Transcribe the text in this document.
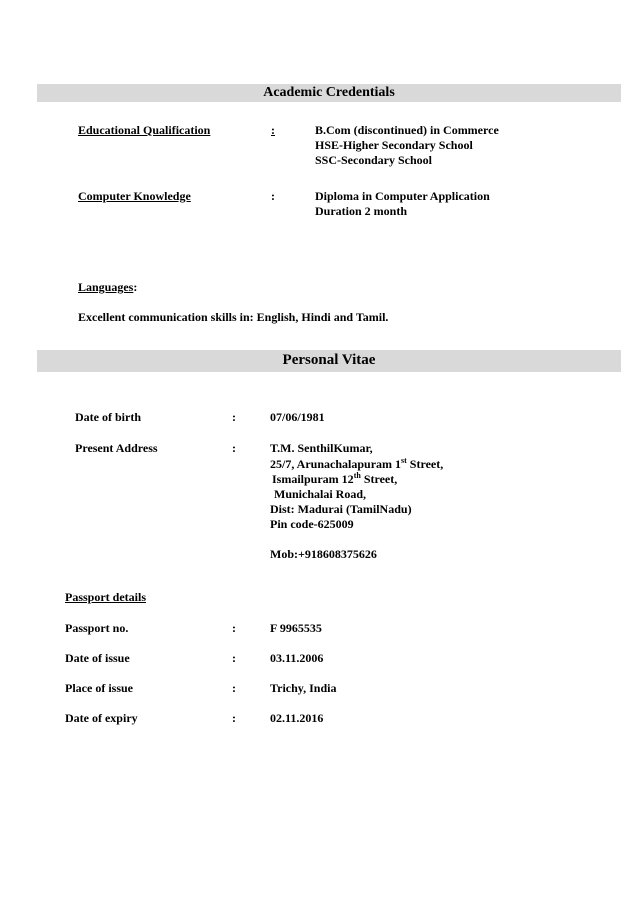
Academic Credentials
Educational Qualification	:	B.Com (discontinued) in Commerce
HSE-Higher Secondary School
SSC-Secondary School
Computer Knowledge	:	Diploma in Computer Application
Duration 2 month
Languages:
Excellent communication skills in: English, Hindi and Tamil.
Personal Vitae
Date of birth	:	07/06/1981
Present Address	:	T.M. SenthilKumar,
25/7, Arunachalapuram 1st Street,
Ismailpuram 12th Street,
Munichalai Road,
Dist: Madurai (TamilNadu)
Pin code-625009
Mob:+918608375626
Passport details
Passport no.	:	F 9965535
Date of issue	:	03.11.2006
Place of issue	:	Trichy, India
Date of expiry	:	02.11.2016
